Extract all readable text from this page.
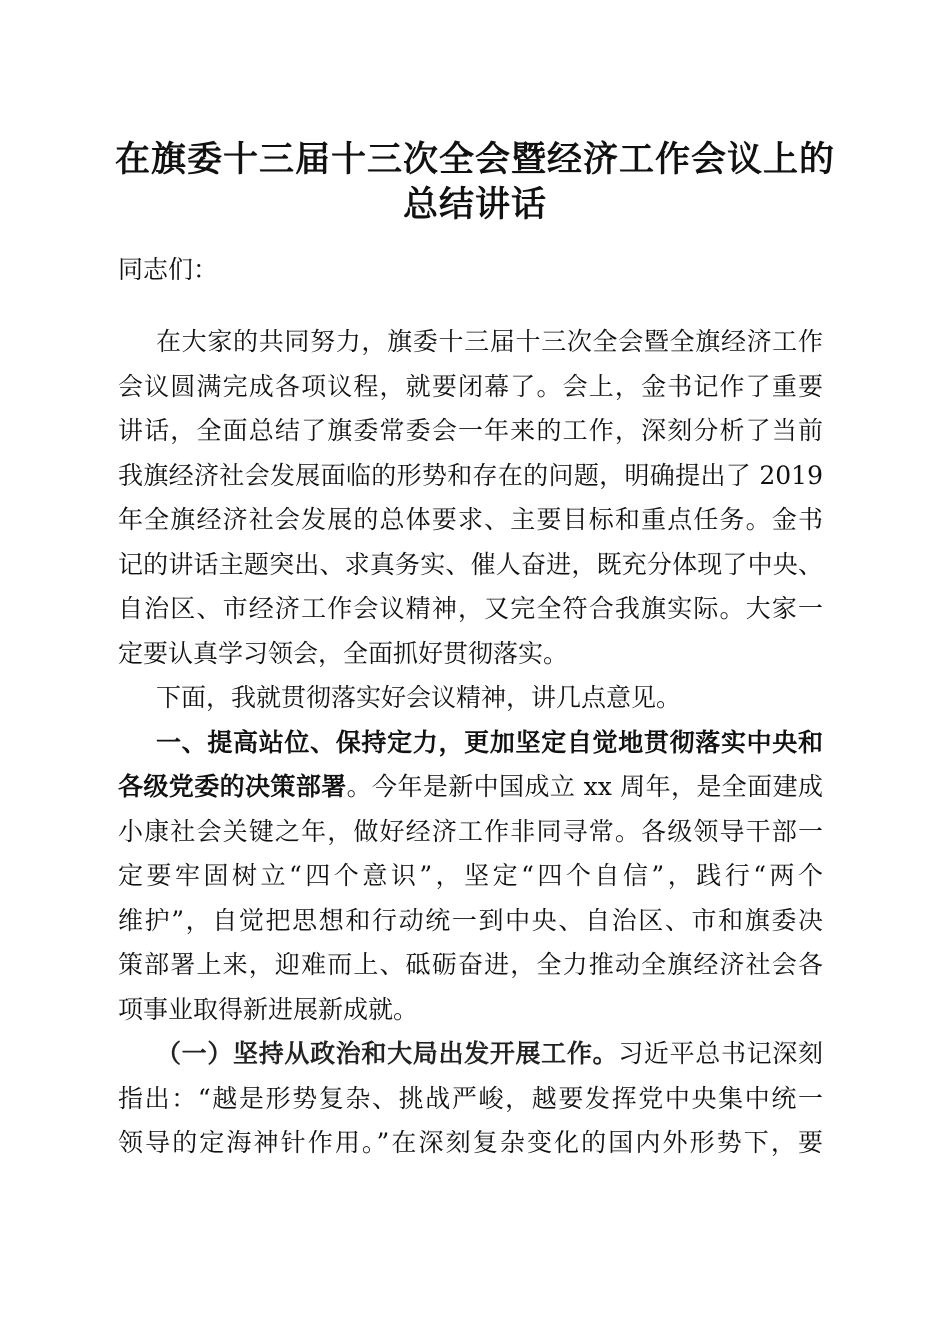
在旗委十三届十三次全会暨经济工作会议上的
总结讲话
同志们：
在大家的共同努力，旗委十三届十三次全会暨全旗经济工作
会议圆满完成各项议程，就要闭幕了。会上，金书记作了重要
讲话，全面总结了旗委常委会一年来的工作，深刻分析了当前
我旗经济社会发展面临的形势和存在的问题，明确提出了 2019
年全旗经济社会发展的总体要求、主要目标和重点任务。金书
记的讲话主题突出、求真务实、催人奋进，既充分体现了中央、
自治区、市经济工作会议精神，又完全符合我旗实际。大家一
定要认真学习领会，全面抓好贯彻落实。
下面，我就贯彻落实好会议精神，讲几点意见。
一、提高站位、保持定力，更加坚定自觉地贯彻落实中央和
各级党委的决策部署。今年是新中国成立 xx 周年，是全面建成
小康社会关键之年，做好经济工作非同寻常。各级领导干部一
定要牢固树立“四个意识”，坚定“四个自信”，践行“两个
维护”，自觉把思想和行动统一到中央、自治区、市和旗委决
策部署上来，迎难而上、砥砺奋进，全力推动全旗经济社会各
项事业取得新进展新成就。
（一）坚持从政治和大局出发开展工作。习近平总书记深刻
指出：“越是形势复杂、挑战严峻，越要发挥党中央集中统一
领导的定海神针作用。”在深刻复杂变化的国内外形势下，要
